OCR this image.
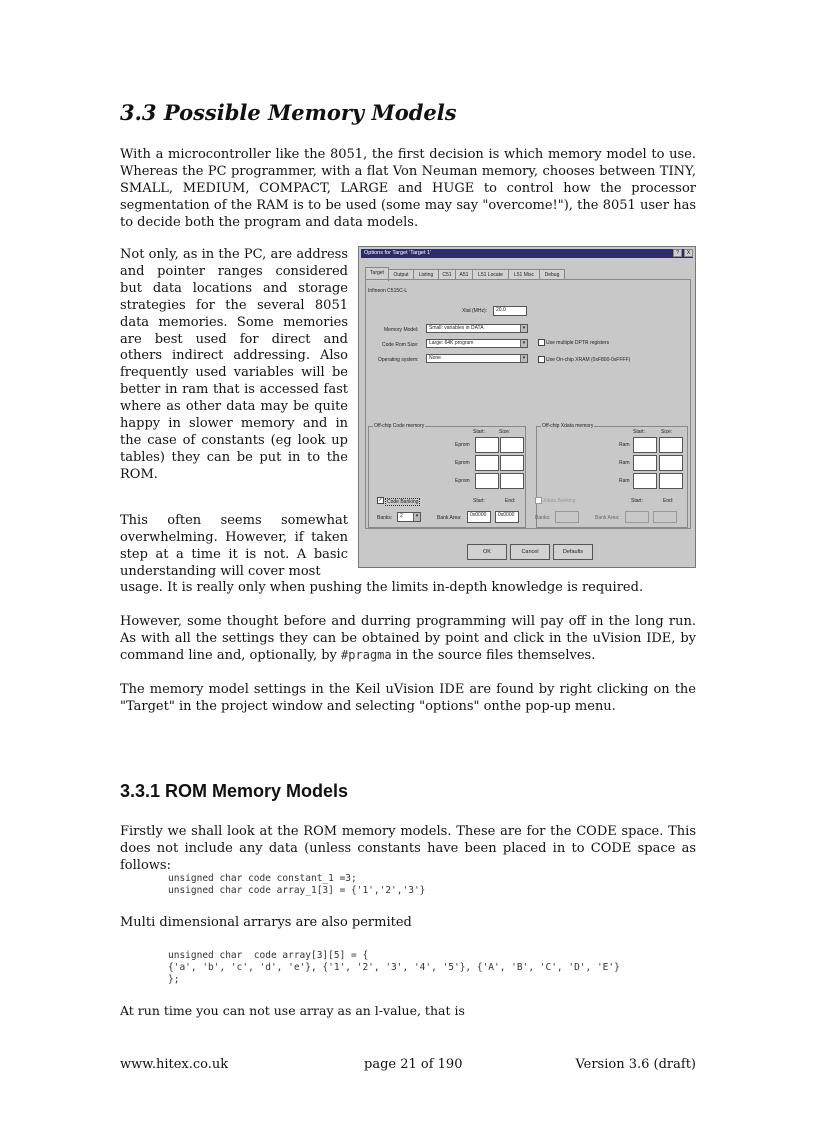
3.3 Possible Memory Models
With a microcontroller like the 8051, the first decision is which memory model to use. Whereas the PC programmer, with a flat Von Neuman memory, chooses between TINY, SMALL, MEDIUM, COMPACT, LARGE and HUGE to control how the processor segmentation of the RAM is to be used (some may say "overcome!"), the 8051 user has to decide both the program and data models.
Not only, as in the PC, are address and pointer ranges considered but data locations and storage strategies for the several 8051 data memories. Some memories are best used for direct and others indirect addressing. Also frequently used variables will be better in ram that is accessed fast where as other data may be quite happy in slower memory and in the case of constants (eg look up tables) they can be put in to the ROM.
This often seems somewhat overwhelming. However, if taken step at a time it is not. A basic understanding will cover most
usage. It is really only when pushing the limits in-depth knowledge is required.
However, some thought before and durring programming will pay off in the long run. As with all the settings they can be obtained by point and click in the uVision IDE, by command line and, optionally, by #pragma in the source files themselves.
The memory model settings in the Keil uVision IDE are found by right clicking on the "Target" in the project window and selecting "options" onthe pop-up menu.
3.3.1 ROM Memory Models
Firstly we shall look at the ROM memory models. These are for the CODE space. This does not include any data (unless constants have been placed in to CODE space as follows:
unsigned char code constant_1 =3;
unsigned char code array_1[3] = {'1','2','3'}
Multi dimensional arrarys are also permited
unsigned char  code array[3][5] = {
{'a', 'b', 'c', 'd', 'e'}, {'1', '2', '3', '4', '5'}, {'A', 'B', 'C', 'D', 'E'}
};
At run time you can not use array as an l-value, that is
www.hitex.co.uk	page 21 of 190	Version 3.6 (draft)
Options for Target 'Target 1'	?	X
Target	Output	Listing	C51	A51	L51 Locate	L51 Misc	Debug
Infineon C515C-L
Xtal (MHz):	20.0
Memory Model:	Small: variables in DATA	▾
Code Rom Size:	Large: 64K program	▾
Operating system:	None	▾
Use multiple DPTR registers
Use On-chip XRAM (0xF800-0xFFFF)
Off-chip Code memory
Start:	Size:
Eprom
Eprom
Eprom
Off-chip Xdata memory
Start:	Size:
Ram
Ram
Ram
✓ Code Banking	Start:	End:
Banks:	2	▾	Bank Area:	0x0000	0x0000
Xdata Banking	Start:	End:
Banks:	Bank Area:
OK	Cancel	Defaults
